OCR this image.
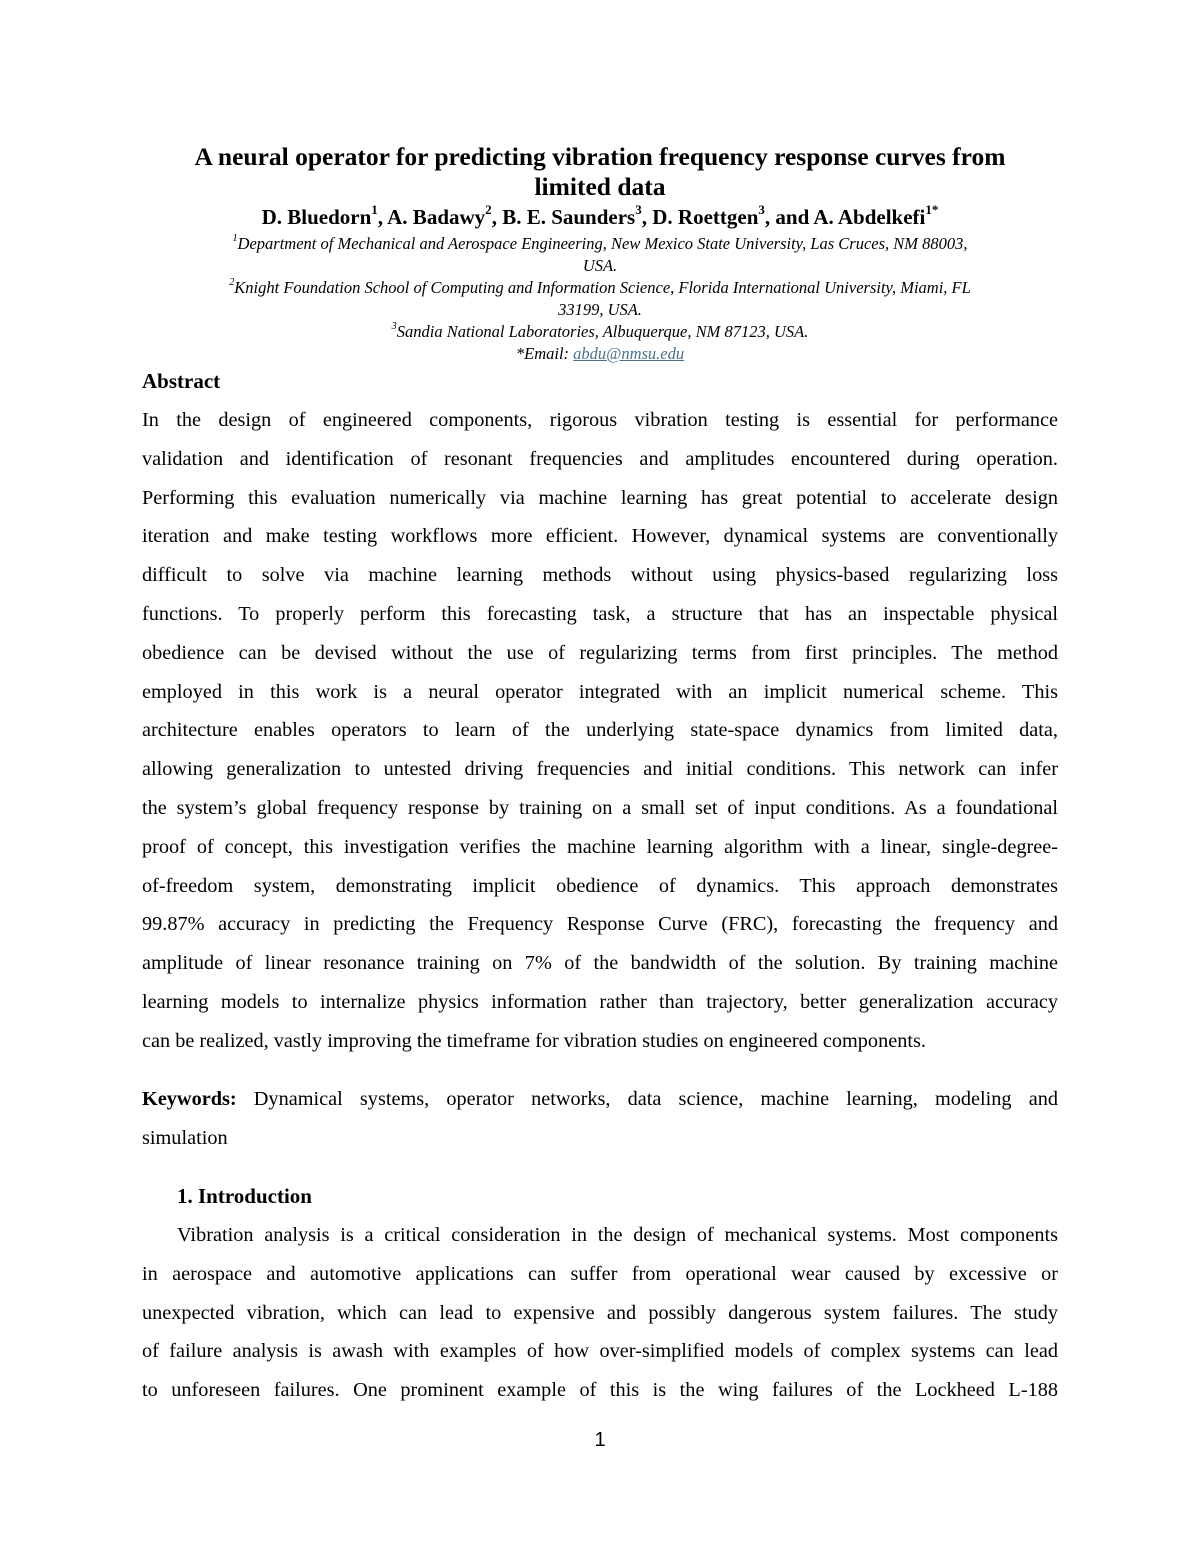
A neural operator for predicting vibration frequency response curves from
limited data
D. Bluedorn$^1$, A. Badawy$^2$, B. E. Saunders$^3$, D. Roettgen$^3$, and A. Abdelkefi$^{1*}$
$^1$Department of Mechanical and Aerospace Engineering, New Mexico State University, Las Cruces, NM 88003,
USA.
$^2$Knight Foundation School of Computing and Information Science, Florida International University, Miami, FL
33199, USA.
$^3$Sandia National Laboratories, Albuquerque, NM 87123, USA.
*Email: abdu@nmsu.edu
Abstract
In the design of engineered components, rigorous vibration testing is essential for performance
validation and identification of resonant frequencies and amplitudes encountered during operation.
Performing this evaluation numerically via machine learning has great potential to accelerate design
iteration and make testing workflows more efficient. However, dynamical systems are conventionally
difficult to solve via machine learning methods without using physics-based regularizing loss
functions. To properly perform this forecasting task, a structure that has an inspectable physical
obedience can be devised without the use of regularizing terms from first principles. The method
employed in this work is a neural operator integrated with an implicit numerical scheme. This
architecture enables operators to learn of the underlying state-space dynamics from limited data,
allowing generalization to untested driving frequencies and initial conditions. This network can infer
the system’s global frequency response by training on a small set of input conditions. As a foundational
proof of concept, this investigation verifies the machine learning algorithm with a linear, single-degree-
of-freedom system, demonstrating implicit obedience of dynamics. This approach demonstrates
99.87% accuracy in predicting the Frequency Response Curve (FRC), forecasting the frequency and
amplitude of linear resonance training on 7% of the bandwidth of the solution. By training machine
learning models to internalize physics information rather than trajectory, better generalization accuracy
can be realized, vastly improving the timeframe for vibration studies on engineered components.
Keywords: Dynamical systems, operator networks, data science, machine learning, modeling and
simulation
1. Introduction
Vibration analysis is a critical consideration in the design of mechanical systems. Most components
in aerospace and automotive applications can suffer from operational wear caused by excessive or
unexpected vibration, which can lead to expensive and possibly dangerous system failures. The study
of failure analysis is awash with examples of how over-simplified models of complex systems can lead
to unforeseen failures. One prominent example of this is the wing failures of the Lockheed L-188
1
